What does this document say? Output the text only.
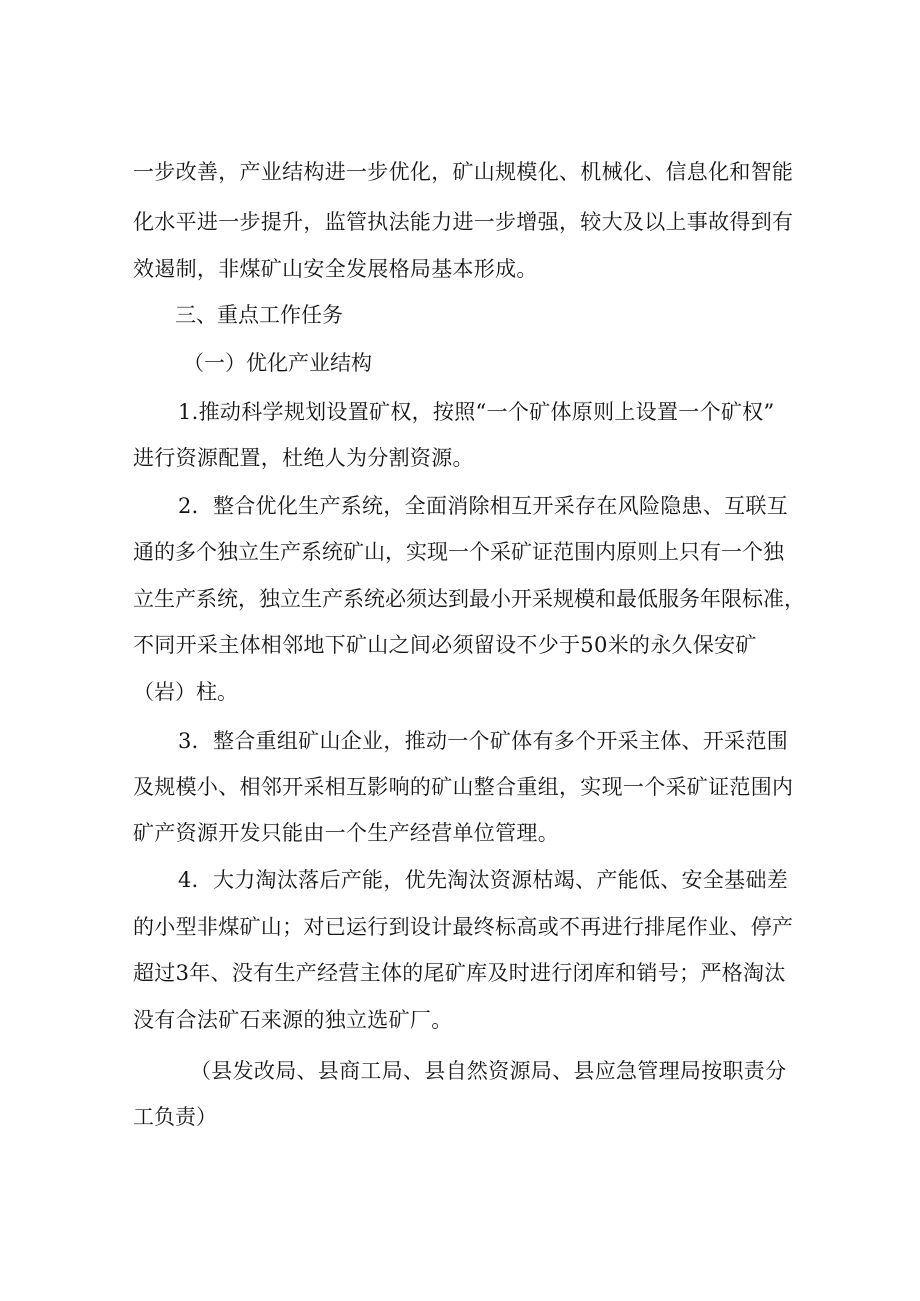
一步改善，产业结构进一步优化，矿山规模化、机械化、信息化和智能
化水平进一步提升，监管执法能力进一步增强，较大及以上事故得到有
效遏制，非煤矿山安全发展格局基本形成。
三、重点工作任务
（一）优化产业结构
1.推动科学规划设置矿权，按照“一个矿体原则上设置一个矿权”
进行资源配置，杜绝人为分割资源。
2．整合优化生产系统，全面消除相互开采存在风险隐患、互联互
通的多个独立生产系统矿山，实现一个采矿证范围内原则上只有一个独
立生产系统，独立生产系统必须达到最小开采规模和最低服务年限标准，
不同开采主体相邻地下矿山之间必须留设不少于50米的永久保安矿
（岩）柱。
3．整合重组矿山企业，推动一个矿体有多个开采主体、开采范围
及规模小、相邻开采相互影响的矿山整合重组，实现一个采矿证范围内
矿产资源开发只能由一个生产经营单位管理。
4．大力淘汰落后产能，优先淘汰资源枯竭、产能低、安全基础差
的小型非煤矿山；对已运行到设计最终标高或不再进行排尾作业、停产
超过3年、没有生产经营主体的尾矿库及时进行闭库和销号；严格淘汰
没有合法矿石来源的独立选矿厂。
（县发改局、县商工局、县自然资源局、县应急管理局按职责分
工负责）
